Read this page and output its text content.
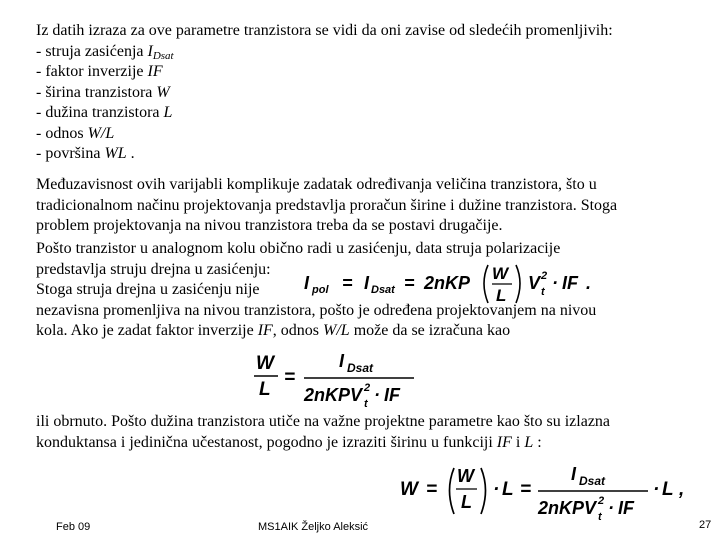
Iz datih izraza za ove parametre tranzistora se vidi da oni zavise od sledećih promenljivih:
- struja zasićenja $I_{Dsat}$
- faktor inverzije IF
- širina tranzistora W
- dužina tranzistora L
- odnos W/L
- površina WL .
Međuzavisnost ovih varijabli komplikuje zadatak određivanja veličina tranzistora, što u
tradicionalnom načinu projektovanja predstavlja proračun širine i dužine tranzistora. Stoga
problem projektovanja na nivou tranzistora treba da se postavi drugačije.
Pošto tranzistor u analognom kolu obično radi u zasićenju, data struja polarizacije
predstavlja struju drejna u zasićenju:
Stoga struja drejna u zasićenju nije
nezavisna promenljiva na nivou tranzistora, pošto je određena projektovanjem na nivou
kola. Ako je zadat faktor inverzije IF, odnos W/L može da se izračuna kao
I pol = I Dsat = 2nKP W
L
V 2
t · IF .
W
L
=
I Dsat
2nKPV 2
t · IF
ili obrnuto. Pošto dužina tranzistora utiče na važne projektne parametre kao što su izlazna
konduktansa i jedinična učestanost, pogodno je izraziti širinu u funkciji IF i L :
W =
W
L
· L =
I Dsat
2nKPV 2
t · IF
· L ,
Feb 09	MS1AIK Željko Aleksić	27
